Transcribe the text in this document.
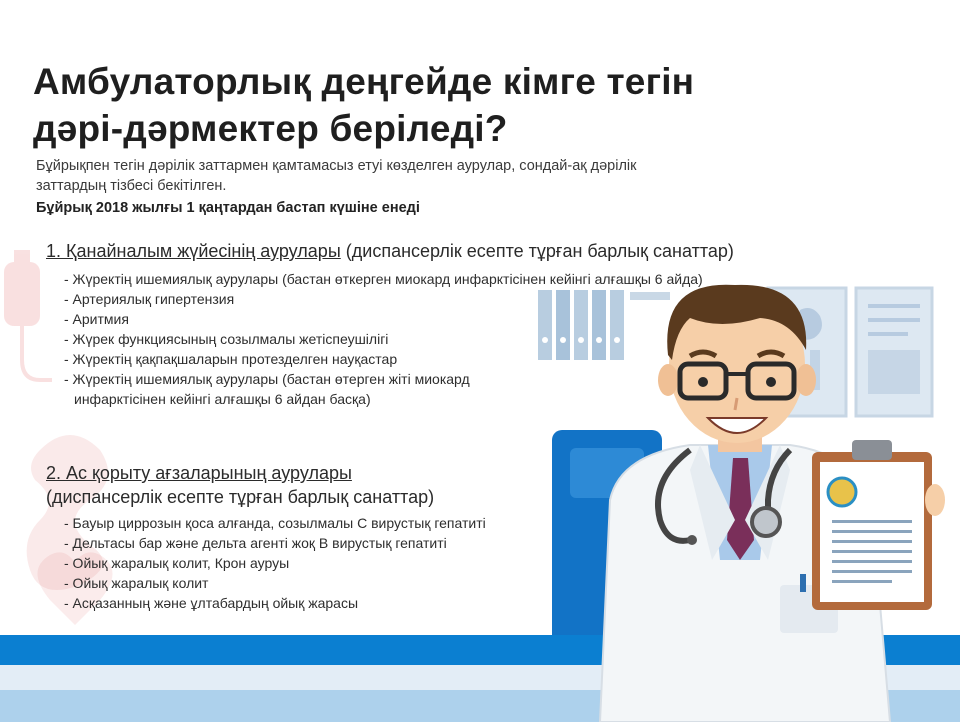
Амбулаторлық деңгейде кімге тегін дәрі-дәрмектер беріледі?
Бұйрықпен тегін дәрілік заттармен қамтамасыз етуі көзделген аурулар, сондай-ақ дәрілік заттардың тізбесі бекітілген.
Бұйрық 2018 жылғы 1 қаңтардан бастап күшіне енеді
1. Қанайналым жүйесінің аурулары (диспансерлік есепте тұрған барлық санаттар)
- Жүректің ишемиялық аурулары (бастан өткерген миокард инфарктісінен кейінгі алғашқы 6 айда)
- Артериялық гипертензия
- Аритмия
- Жүрек функциясының созылмалы жетіспеушілігі
- Жүректің қақпақшаларын протезделген науқастар
- Жүректің ишемиялық аурулары (бастан өтерген жіті миокард инфарктісінен кейінгі алғашқы 6 айдан басқа)
2. Ас қорыту ағзаларының аурулары
(диспансерлік есепте тұрған барлық санаттар)
- Бауыр циррозын қоса алғанда, созылмалы С вирустық гепатиті
- Дельтасы бар және дельта агенті жоқ В вирустық гепатиті
- Ойық жаралық колит, Крон ауруы
- Ойық жаралық колит
- Асқазанның және ұлтабардың ойық жарасы
